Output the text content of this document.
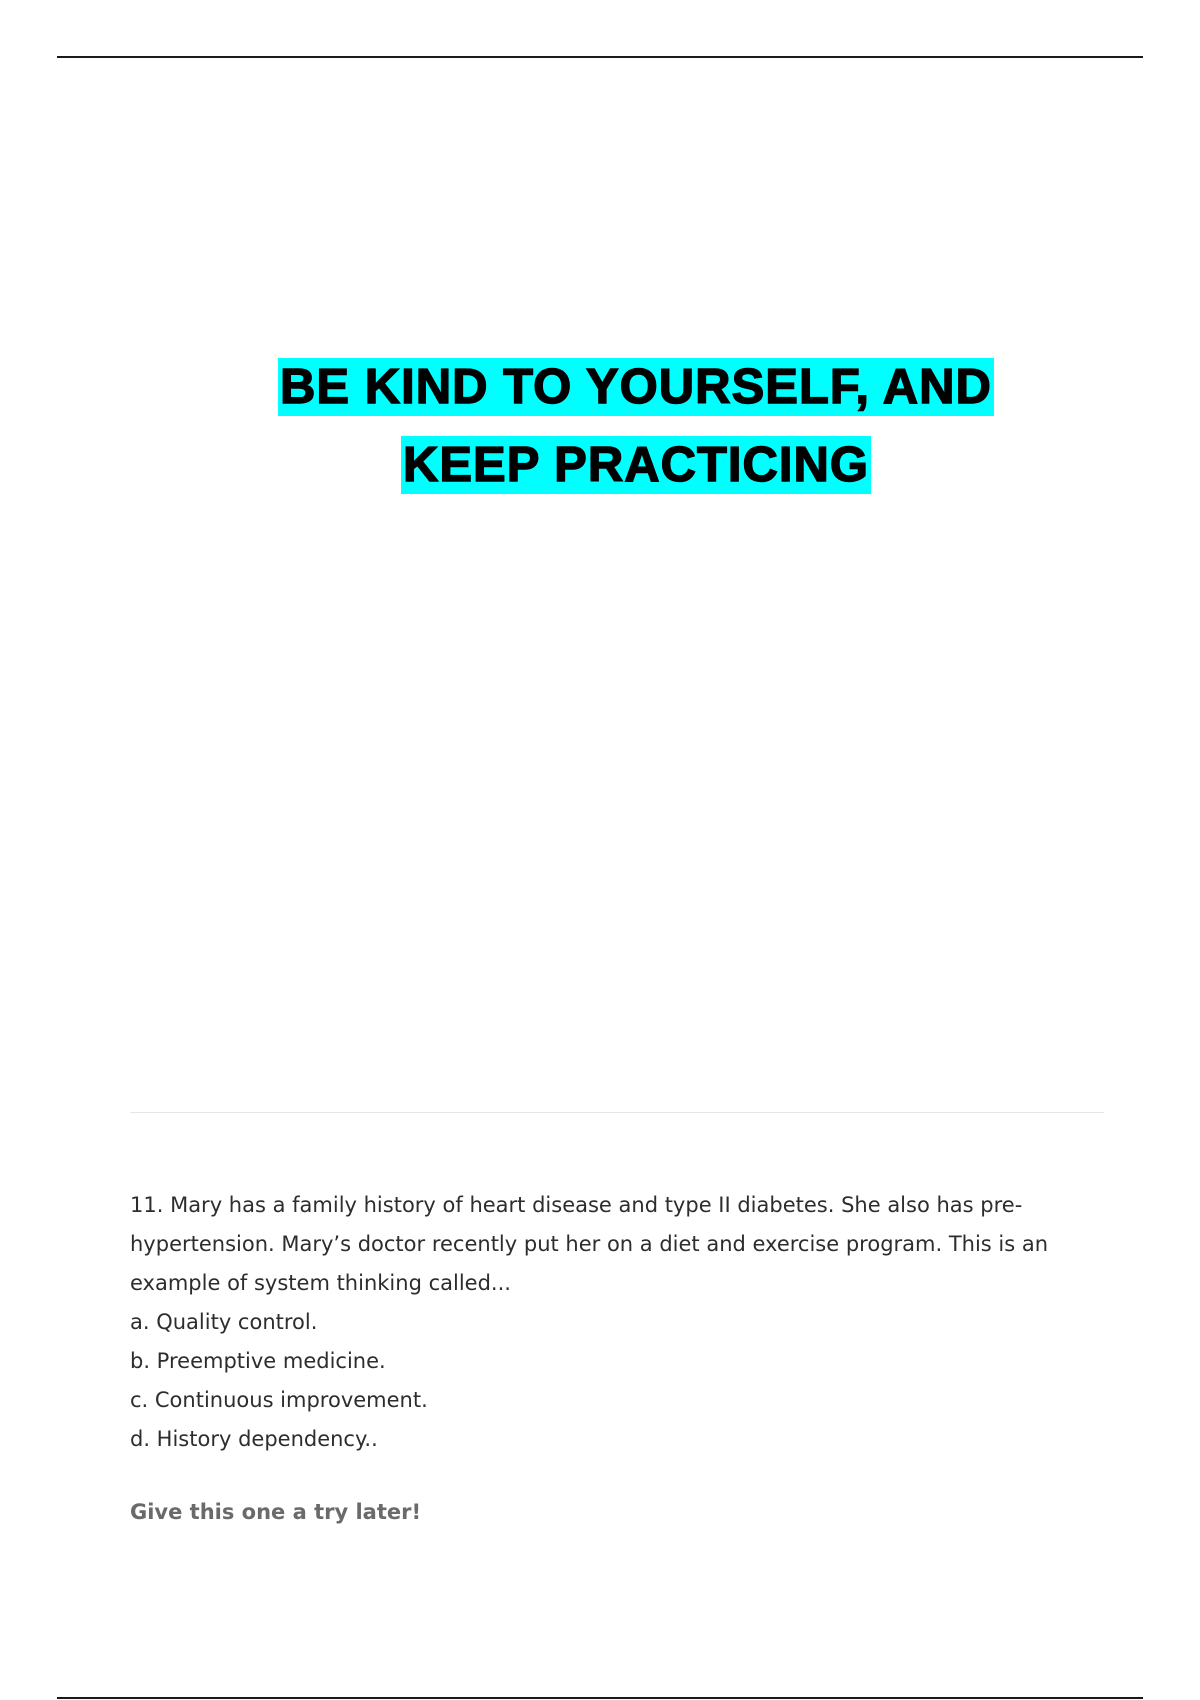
BE KIND TO YOURSELF, AND
KEEP PRACTICING

11. Mary has a family history of heart disease and type II diabetes. She also has pre-hypertension. Mary’s doctor recently put her on a diet and exercise program. This is an example of system thinking called...

a. Quality control.
b. Preemptive medicine.
c. Continuous improvement.
d. History dependency..
Give this one a try later!
